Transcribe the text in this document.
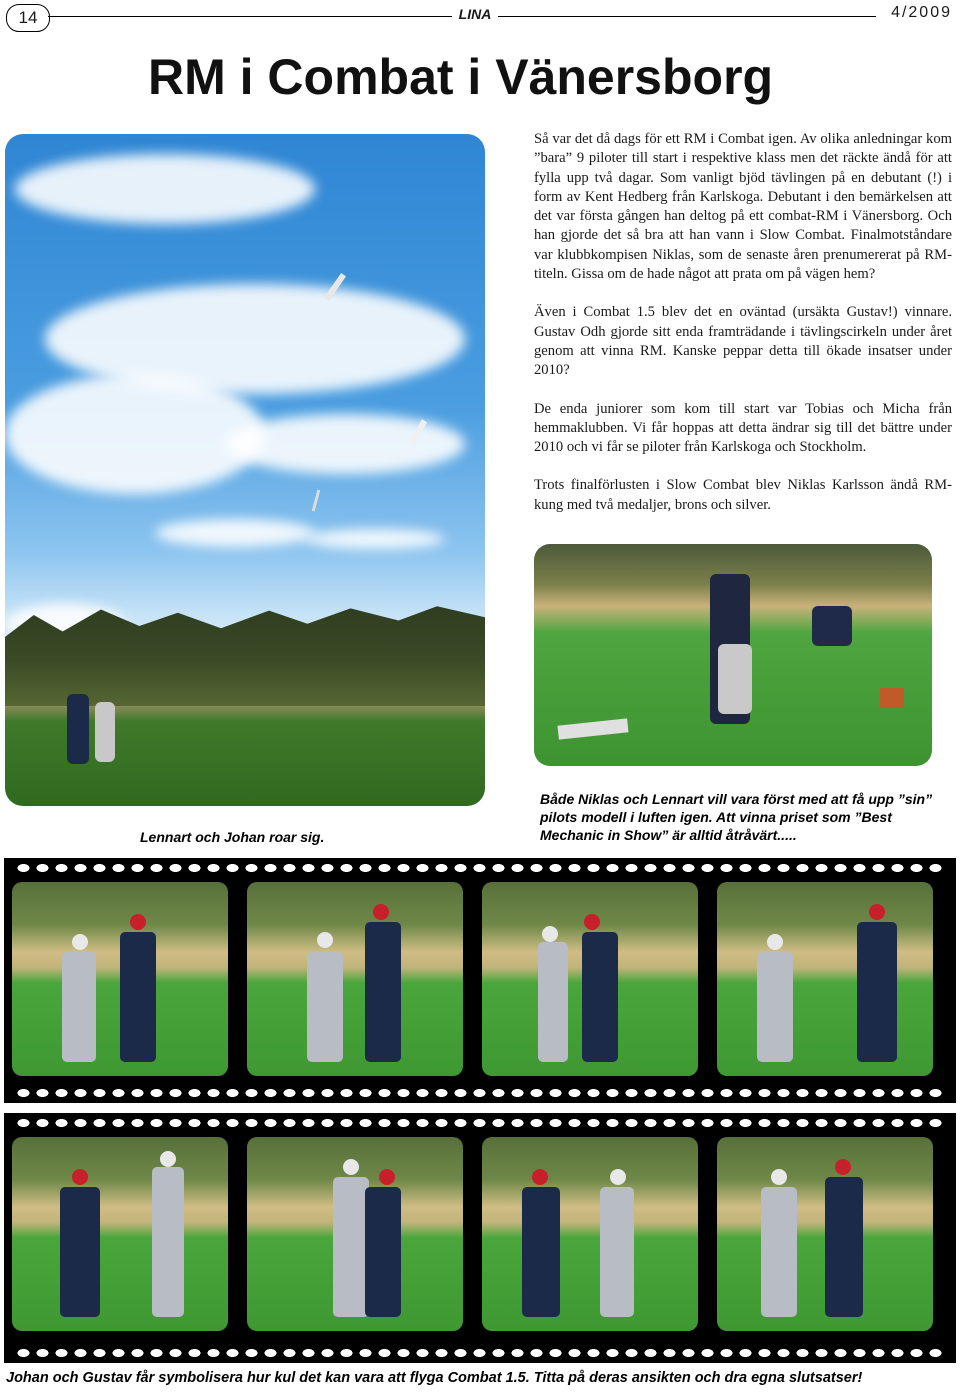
14	LINA	4/2009
RM i Combat i Vänersborg
Lennart och Johan roar sig.

Så var det då dags för ett RM i Combat igen. Av olika anledningar kom ”bara” 9 piloter till start i respektive klass men det räckte ändå för att fylla upp två dagar. Som vanligt bjöd tävlingen på en debutant (!) i form av Kent Hedberg från Karlskoga. Debutant i den bemärkelsen att det var första gången han deltog på ett combat-RM i Vänersborg. Och han gjorde det så bra att han vann i Slow Combat. Finalmotståndare var klubbkompisen Niklas, som de senaste åren prenumererat på RM-titeln. Gissa om de hade något att prata om på vägen hem?

Även i Combat 1.5 blev det en oväntad (ursäkta Gustav!) vinnare. Gustav Odh gjorde sitt enda framträdande i tävlingscirkeln under året genom att vinna RM. Kanske peppar detta till ökade insatser under 2010?

De enda juniorer som kom till start var Tobias och Micha från hemmaklubben. Vi får hoppas att detta ändrar sig till det bättre under 2010 och vi får se piloter från Karlskoga och Stockholm.

Trots finalförlusten i Slow Combat blev Niklas Karlsson ändå RM-kung med två medaljer, brons och silver.

Både Niklas och Lennart vill vara först med att få upp ”sin” pilots modell i luften igen. Att vinna priset som ”Best Mechanic in Show” är alltid åtråvärt.....
Johan och Gustav får symbolisera hur kul det kan vara att flyga Combat 1.5. Titta på deras ansikten och dra egna slutsatser!
